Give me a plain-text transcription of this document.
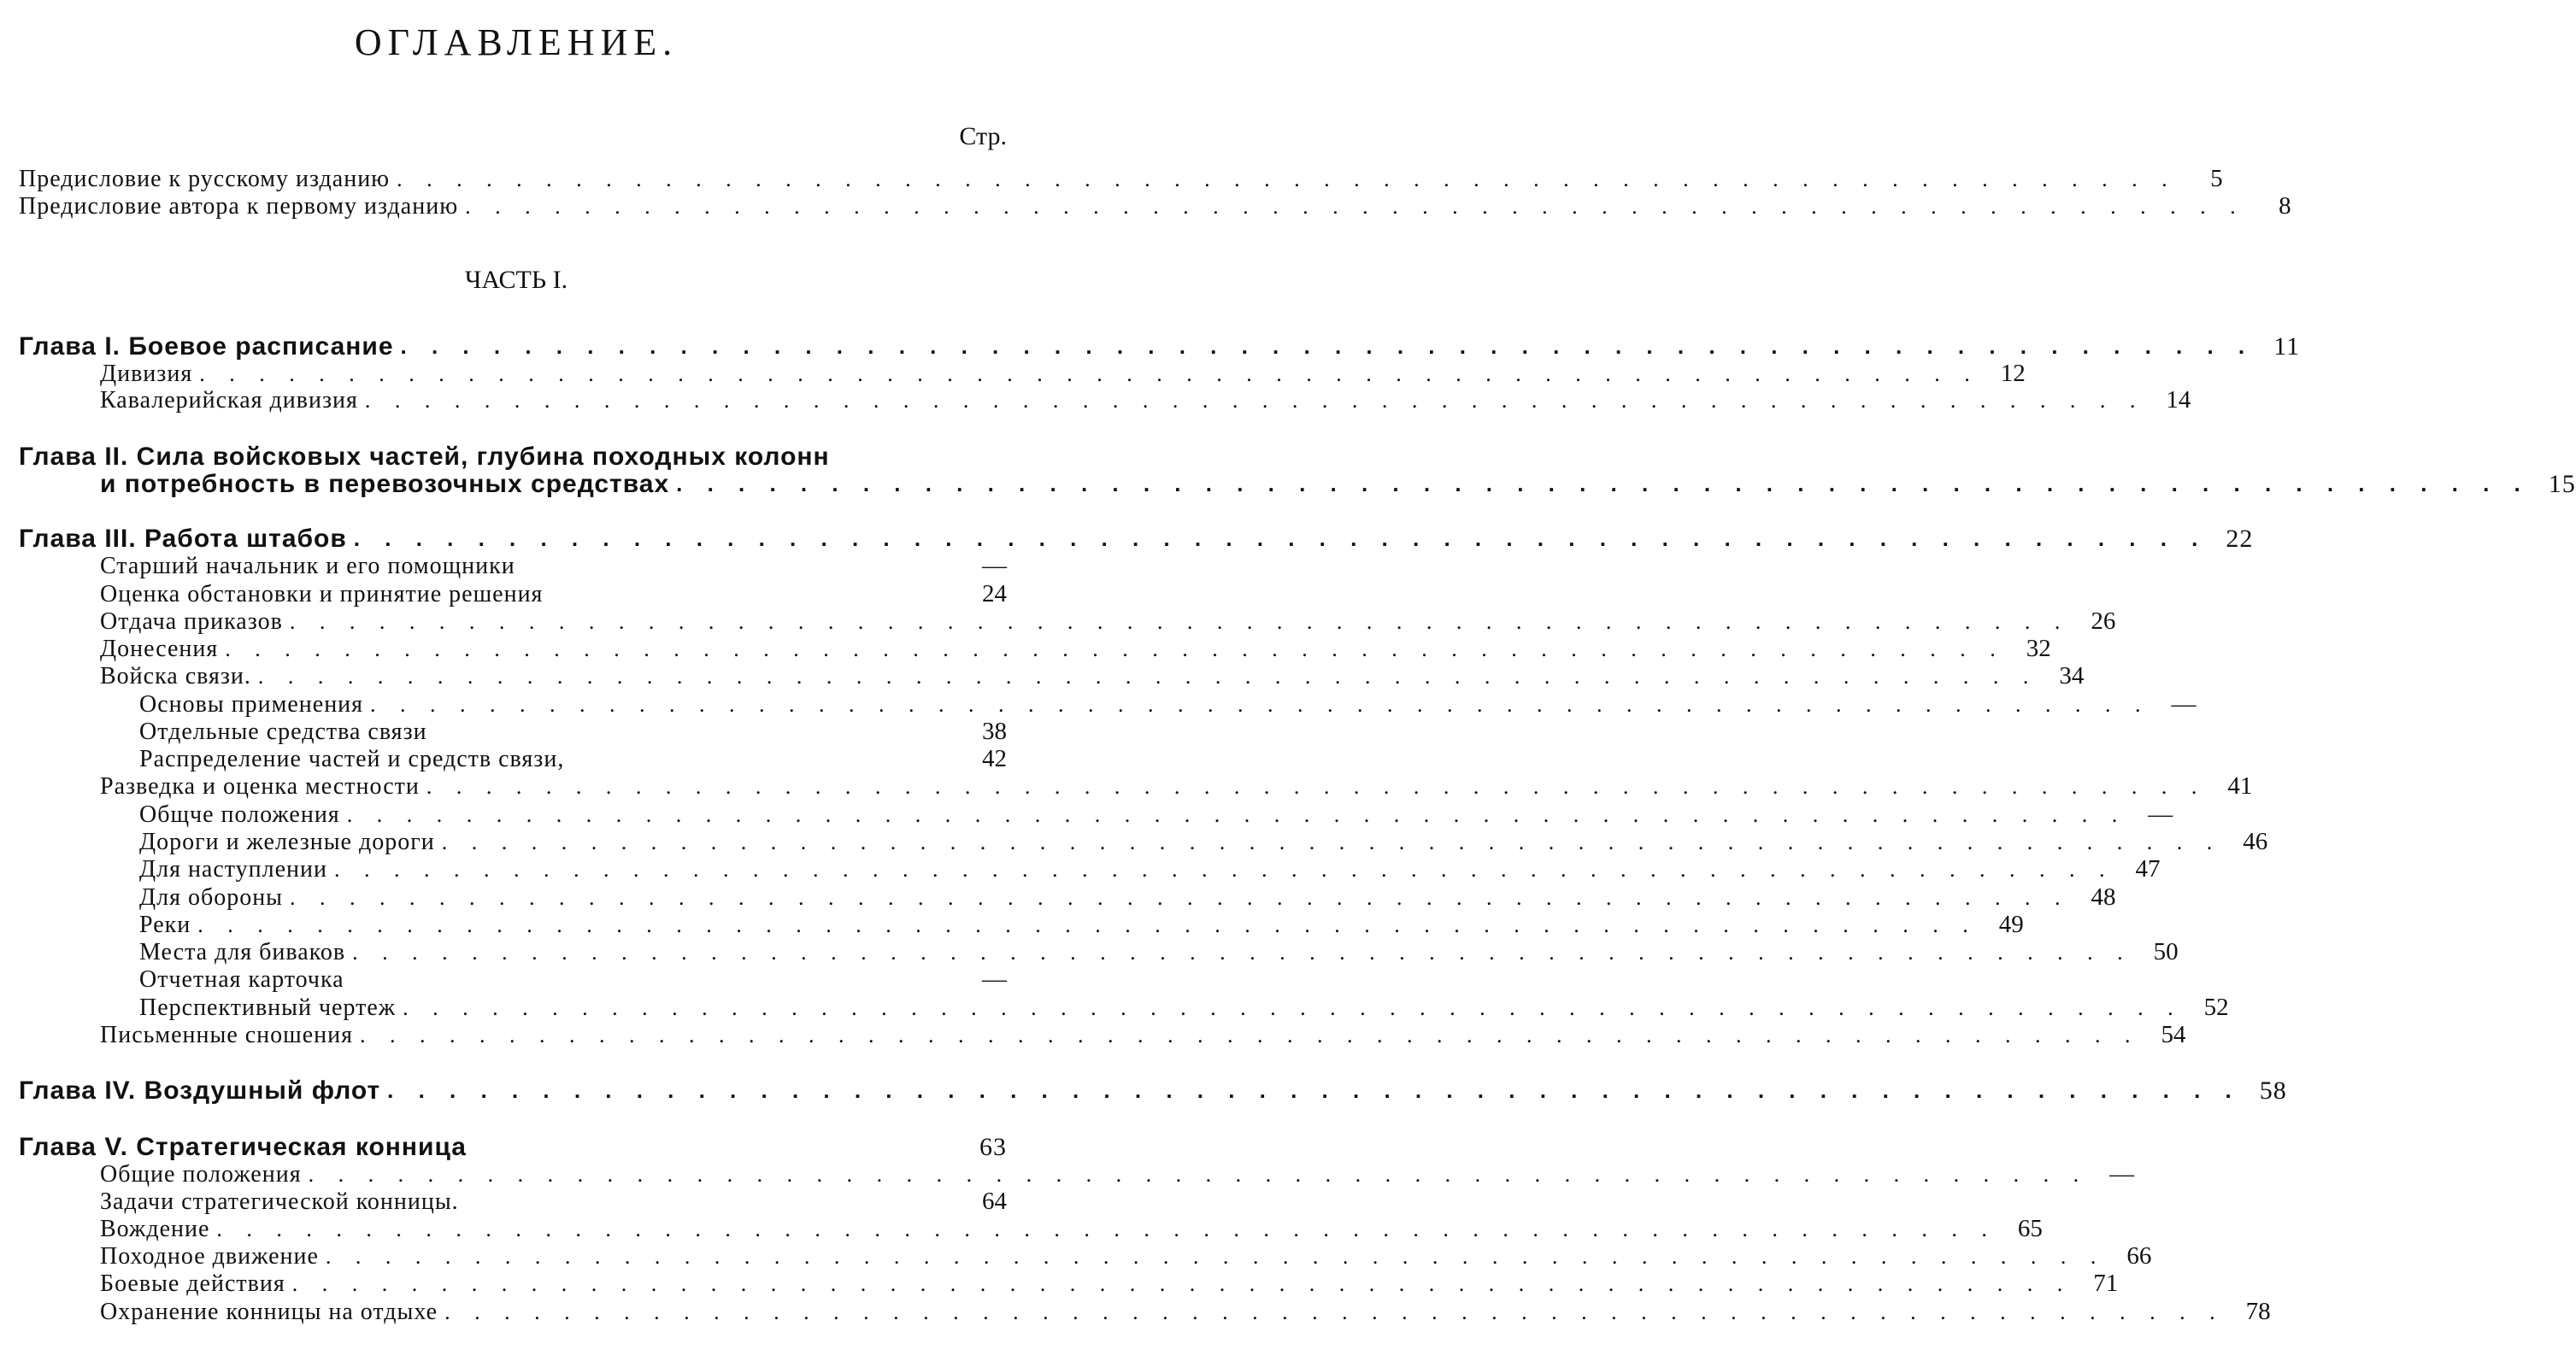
ОГЛАВЛЕНИЕ.
Стр.
ЧАСТЬ I.
Предисловие к русскому изданию . . . . . . . . . . . . . . . . . . . . . . . . . . . . . . . . . . . . . . . . . . . . . . . . . . . . . . . . . . . .	5
Предисловие автора к первому изданию . . . . . . . . . . . . . . . . . . . . . . . . . . . . . . . . . . . . . . . . . . . . . . . . . . . . . . . . . . . .	8
Глава I. Боевое расписание . . . . . . . . . . . . . . . . . . . . . . . . . . . . . . . . . . . . . . . . . . . . . . . . . . . . . . . . . . . . 11
Дивизия . . . . . . . . . . . . . . . . . . . . . . . . . . . . . . . . . . . . . . . . . . . . . . . . . . . . . . . . . . . . 12
Кавалерийская дивизия . . . . . . . . . . . . . . . . . . . . . . . . . . . . . . . . . . . . . . . . . . . . . . . . . . . . . . . . . . . . 14
Глава II. Сила войсковых частей, глубина походных колонн
и потребность в перевозочных средствах . . . . . . . . . . . . . . . . . . . . . . . . . . . . . . . . . . . . . . . . . . . . . . . . . . . . . . . . . . . . 15
Глава III. Работа штабов . . . . . . . . . . . . . . . . . . . . . . . . . . . . . . . . . . . . . . . . . . . . . . . . . . . . . . . . . . . . 22
Старший начальник и его помощники	—
Оценка обстановки и принятие решения	24
Отдача приказов . . . . . . . . . . . . . . . . . . . . . . . . . . . . . . . . . . . . . . . . . . . . . . . . . . . . . . . . . . . . 26
Донесения . . . . . . . . . . . . . . . . . . . . . . . . . . . . . . . . . . . . . . . . . . . . . . . . . . . . . . . . . . . . 32
Войска связи. . . . . . . . . . . . . . . . . . . . . . . . . . . . . . . . . . . . . . . . . . . . . . . . . . . . . . . . . . . . . 34
Основы применения . . . . . . . . . . . . . . . . . . . . . . . . . . . . . . . . . . . . . . . . . . . . . . . . . . . . . . . . . . . . —
Отдельные средства связи	38
Распределение частей и средств связи,	42
Разведка и оценка местности . . . . . . . . . . . . . . . . . . . . . . . . . . . . . . . . . . . . . . . . . . . . . . . . . . . . . . . . . . . . 41
Общче положения . . . . . . . . . . . . . . . . . . . . . . . . . . . . . . . . . . . . . . . . . . . . . . . . . . . . . . . . . . . . —
Дороги и железные дороги . . . . . . . . . . . . . . . . . . . . . . . . . . . . . . . . . . . . . . . . . . . . . . . . . . . . . . . . . . . . 46
Для наступлении . . . . . . . . . . . . . . . . . . . . . . . . . . . . . . . . . . . . . . . . . . . . . . . . . . . . . . . . . . . . 47
Для обороны . . . . . . . . . . . . . . . . . . . . . . . . . . . . . . . . . . . . . . . . . . . . . . . . . . . . . . . . . . . . 48
Реки . . . . . . . . . . . . . . . . . . . . . . . . . . . . . . . . . . . . . . . . . . . . . . . . . . . . . . . . . . . . 49
Места для биваков . . . . . . . . . . . . . . . . . . . . . . . . . . . . . . . . . . . . . . . . . . . . . . . . . . . . . . . . . . . . 50
Отчетная карточка	—
Перспективный чертеж . . . . . . . . . . . . . . . . . . . . . . . . . . . . . . . . . . . . . . . . . . . . . . . . . . . . . . . . . . . . 52
Письменные сношения . . . . . . . . . . . . . . . . . . . . . . . . . . . . . . . . . . . . . . . . . . . . . . . . . . . . . . . . . . . . 54
Глава IV. Воздушный флот . . . . . . . . . . . . . . . . . . . . . . . . . . . . . . . . . . . . . . . . . . . . . . . . . . . . . . . . . . . . 58
Глава V. Стратегическая конница	63
Общие положения . . . . . . . . . . . . . . . . . . . . . . . . . . . . . . . . . . . . . . . . . . . . . . . . . . . . . . . . . . . . —
Задачи стратегической конницы.	64
Вождение . . . . . . . . . . . . . . . . . . . . . . . . . . . . . . . . . . . . . . . . . . . . . . . . . . . . . . . . . . . . 65
Походное движение . . . . . . . . . . . . . . . . . . . . . . . . . . . . . . . . . . . . . . . . . . . . . . . . . . . . . . . . . . . . 66
Боевые действия . . . . . . . . . . . . . . . . . . . . . . . . . . . . . . . . . . . . . . . . . . . . . . . . . . . . . . . . . . . . 71
Охранение конницы на отдыхе . . . . . . . . . . . . . . . . . . . . . . . . . . . . . . . . . . . . . . . . . . . . . . . . . . . . . . . . . . . . 78
